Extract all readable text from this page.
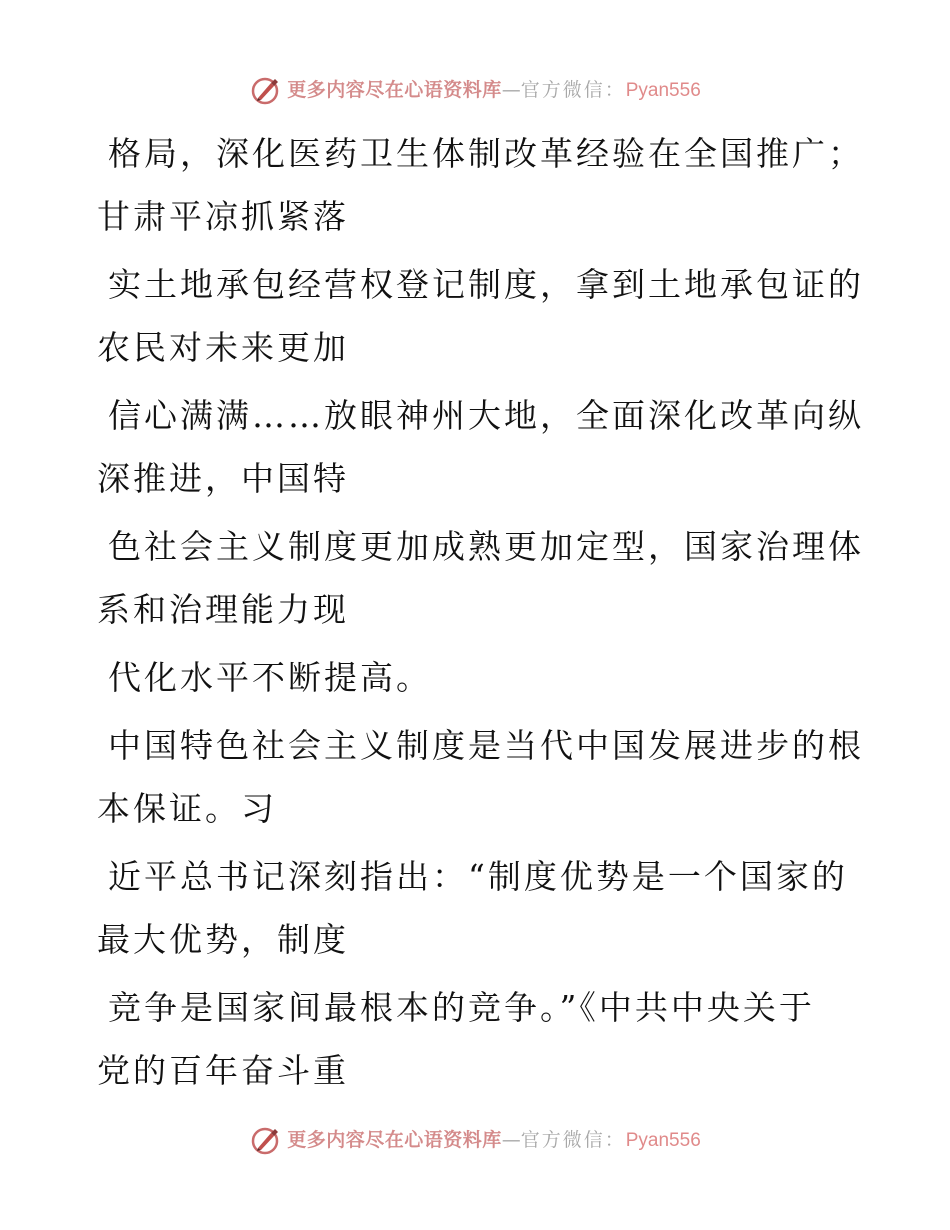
更多内容尽在心语资料库 — 官方微信： Pyan556
格局，深化医药卫生体制改革经验在全国推广；
甘肃平凉抓紧落
实土地承包经营权登记制度，拿到土地承包证的
农民对未来更加
信心满满……放眼神州大地，全面深化改革向纵
深推进，中国特
色社会主义制度更加成熟更加定型，国家治理体
系和治理能力现
代化水平不断提高。
中国特色社会主义制度是当代中国发展进步的根
本保证。习
近平总书记深刻指出：“制度优势是一个国家的
最大优势，制度
竞争是国家间最根本的竞争。”《中共中央关于
党的百年奋斗重
更多内容尽在心语资料库 — 官方微信： Pyan556
